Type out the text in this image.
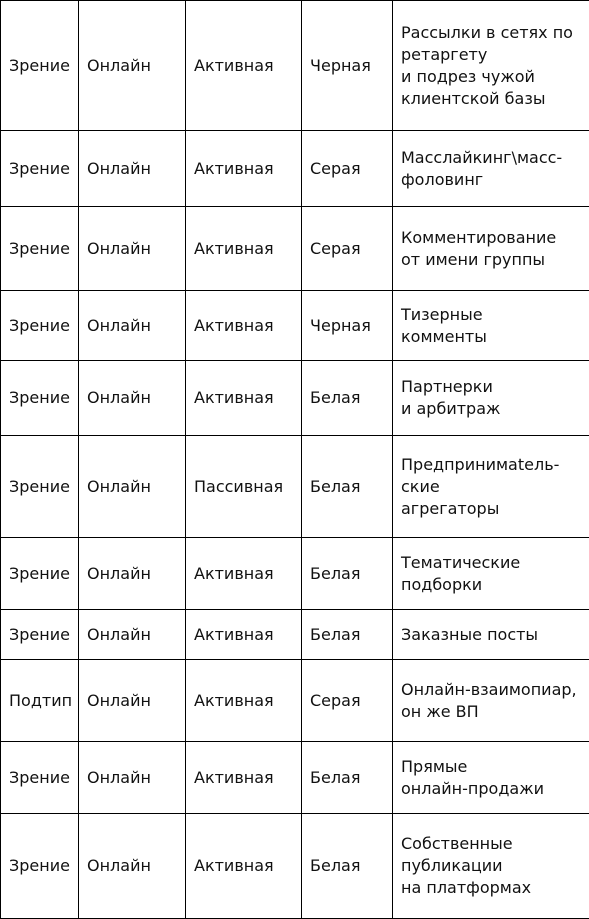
Зрение	Онлайн	Активная	Черная	Рассылки в сетях по
ретаргету
и подрез чужой
клиентской базы
Зрение	Онлайн	Активная	Серая	Масслайкинг\масс-
фоловинг
Зрение	Онлайн	Активная	Серая	Комментирование
от имени группы
Зрение	Онлайн	Активная	Черная	Тизерные
комменты
Зрение	Онлайн	Активная	Белая	Партнерки
и арбитраж
Зрение	Онлайн	Пассивная	Белая	Предпринимatель-
ские
агрегаторы
Зрение	Онлайн	Активная	Белая	Тематические
подборки
Зрение	Онлайн	Активная	Белая	Заказные посты
Подтип	Онлайн	Активная	Серая	Онлайн-взаимопиар,
он же ВП
Зрение	Онлайн	Активная	Белая	Прямые
онлайн-продажи
Зрение	Онлайн	Активная	Белая	Собственные
публикации
на платформах
